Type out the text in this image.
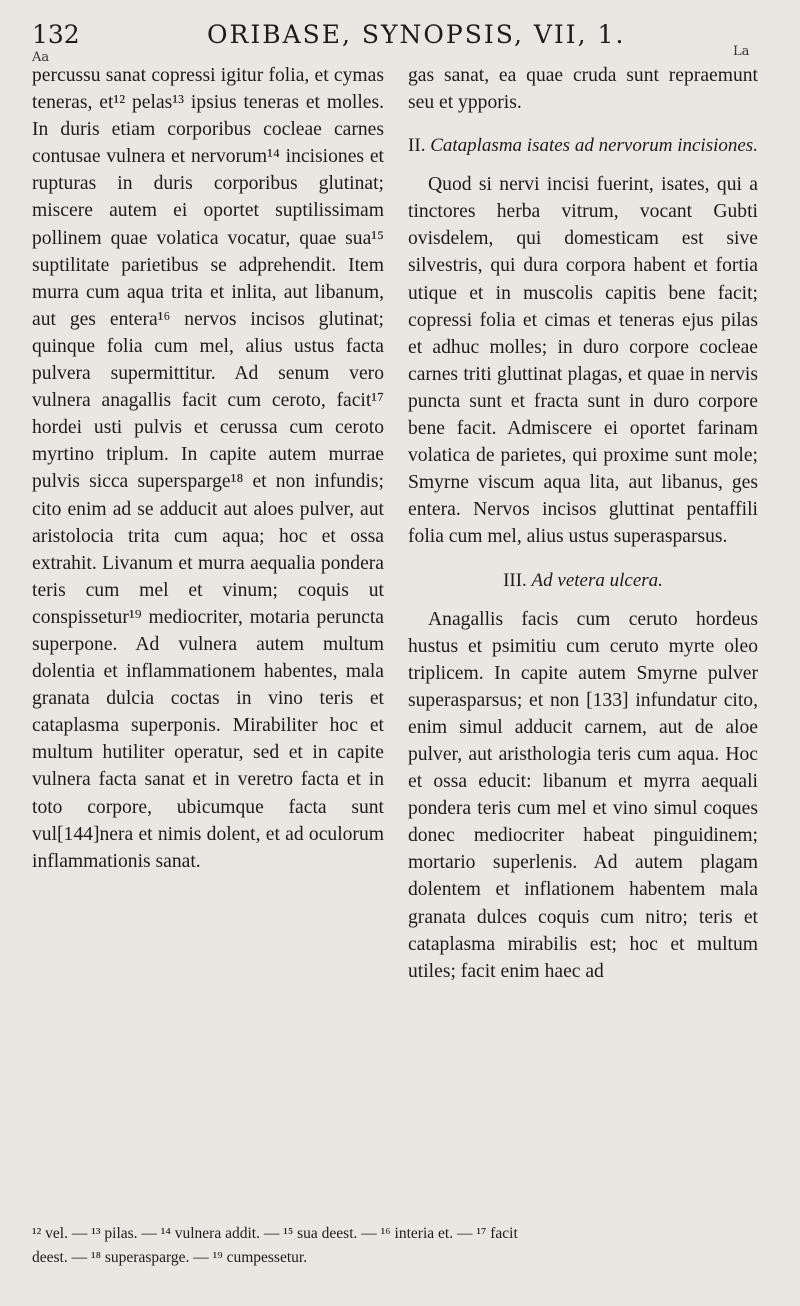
132	ORIBASE, SYNOPSIS, VII, 1.
Aa	La

percussu sanat copressi igitur folia, et cymas teneras, et¹² pelas¹³ ipsius teneras et molles. In duris etiam corporibus cocleae carnes contusae vulnera et nervorum¹⁴ incisiones et rupturas in duris corporibus glutinat; miscere autem ei oportet suptilissimam pollinem quae volatica vocatur, quae sua¹⁵ suptilitate parietibus se adprehendit. Item murra cum aqua trita et inlita, aut libanum, aut ges entera¹⁶ nervos incisos glutinat; quinque folia cum mel, alius ustus facta pulvera supermittitur. Ad senum vero vulnera anagallis facit cum ceroto, facit¹⁷ hordei usti pulvis et cerussa cum ceroto myrtino triplum. In capite autem murrae pulvis sicca supersparge¹⁸ et non infundis; cito enim ad se adducit aut aloes pulver, aut aristolocia trita cum aqua; hoc et ossa extrahit. Livanum et murra aequalia pondera teris cum mel et vinum; coquis ut conspissetur¹⁹ mediocriter, motaria peruncta superpone. Ad vulnera autem multum dolentia et inflammationem habentes, mala granata dulcia coctas in vino teris et cataplasma superponis. Mirabiliter hoc et multum hutiliter operatur, sed et in capite vulnera facta sanat et in veretro facta et in toto corpore, ubicumque facta sunt vul[144]nera et nimis dolent, et ad oculorum inflammationis sanat.

gas sanat, ea quae cruda sunt repraemunt seu et ypporis.

II. Cataplasma isates ad nervorum incisiones.

Quod si nervi incisi fuerint, isates, qui a tinctores herba vitrum, vocant Gubti ovisdelem, qui domesticam est sive silvestris, qui dura corpora habent et fortia utique et in muscolis capitis bene facit; copressi folia et cimas et teneras ejus pilas et adhuc molles; in duro corpore cocleae carnes triti gluttinat plagas, et quae in nervis puncta sunt et fracta sunt in duro corpore bene facit. Admiscere ei oportet farinam volatica de parietes, qui proxime sunt mole; Smyrne viscum aqua lita, aut libanus, ges entera. Nervos incisos gluttinat pentaffili folia cum mel, alius ustus superasparsus.

III. Ad vetera ulcera.

Anagallis facis cum ceruto hordeus hustus et psimitiu cum ceruto myrte oleo triplicem. In capite autem Smyrne pulver superasparsus; et non [133] infundatur cito, enim simul adducit carnem, aut de aloe pulver, aut aristhologia teris cum aqua. Hoc et ossa educit: libanum et myrra aequali pondera teris cum mel et vino simul coques donec mediocriter habeat pinguidinem; mortario superlenis. Ad autem plagam dolentem et inflationem habentem mala granata dulces coquis cum nitro; teris et cataplasma mirabilis est; hoc et multum utiles; facit enim haec ad

¹² vel. — ¹³ pilas. — ¹⁴ vulnera addit. — ¹⁵ sua deest. — ¹⁶ interia et. — ¹⁷ facit

deest. — ¹⁸ superasparge. — ¹⁹ cumpessetur.
